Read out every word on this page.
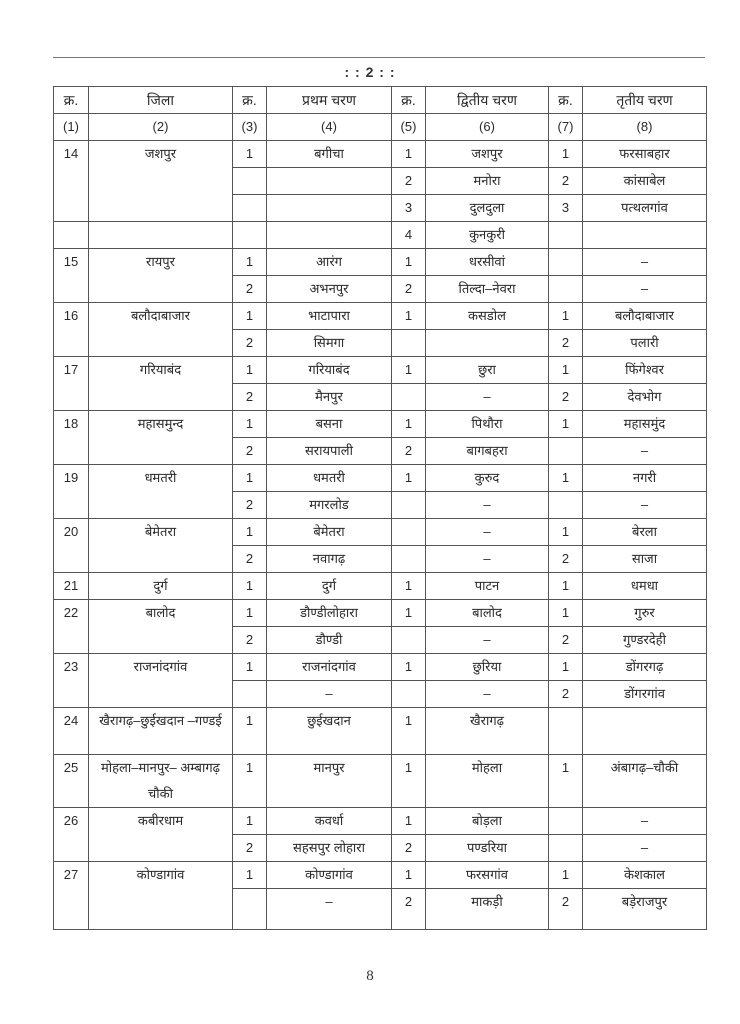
: : 2 : :
क्र.	जिला	क्र.	प्रथम चरण	क्र.	द्वितीय चरण	क्र.	तृतीय चरण
(1)	(2)	(3)	(4)	(5)	(6)	(7)	(8)
14	जशपुर	1	बगीचा	1	जशपुर	1	फरसाबहार
				2	मनोरा	2	कांसाबेल
				3	दुलदुला	3	पत्थलगांव
				4	कुनकुरी		
15	रायपुर	1	आरंग	1	धरसीवां		–
		2	अभनपुर	2	तिल्दा–नेवरा		–
16	बलौदाबाजार	1	भाटापारा	1	कसडोल	1	बलौदाबाजार
		2	सिमगा			2	पलारी
17	गरियाबंद	1	गरियाबंद	1	छुरा	1	फिंगेश्वर
		2	मैनपुर		–	2	देवभोग
18	महासमुन्द	1	बसना	1	पिथौरा	1	महासमुंद
		2	सरायपाली	2	बागबहरा		–
19	धमतरी	1	धमतरी	1	कुरुद	1	नगरी
		2	मगरलोड		–		–
20	बेमेतरा	1	बेमेतरा		–	1	बेरला
		2	नवागढ़		–	2	साजा
21	दुर्ग	1	दुर्ग	1	पाटन	1	धमधा
22	बालोद	1	डौण्डीलोहारा	1	बालोद	1	गुरुर
		2	डौण्डी		–	2	गुण्डरदेही
23	राजनांदगांव	1	राजनांदगांव	1	छुरिया	1	डोंगरगढ़
			–		–	2	डोंगरगांव
24	खैरागढ़–छुईखदान –गण्डई	1	छुईखदान	1	खैरागढ़		
25	मोहला–मानपुर– अम्बागढ़ चौकी	1	मानपुर	1	मोहला	1	अंबागढ़–चौकी
26	कबीरधाम	1	कवर्धा	1	बोड़ला		–
		2	सहसपुर लोहारा	2	पण्डरिया		–
27	कोण्डागांव	1	कोण्डागांव	1	फरसगांव	1	केशकाल
			–	2	माकड़ी	2	बड़ेराजपुर
8
